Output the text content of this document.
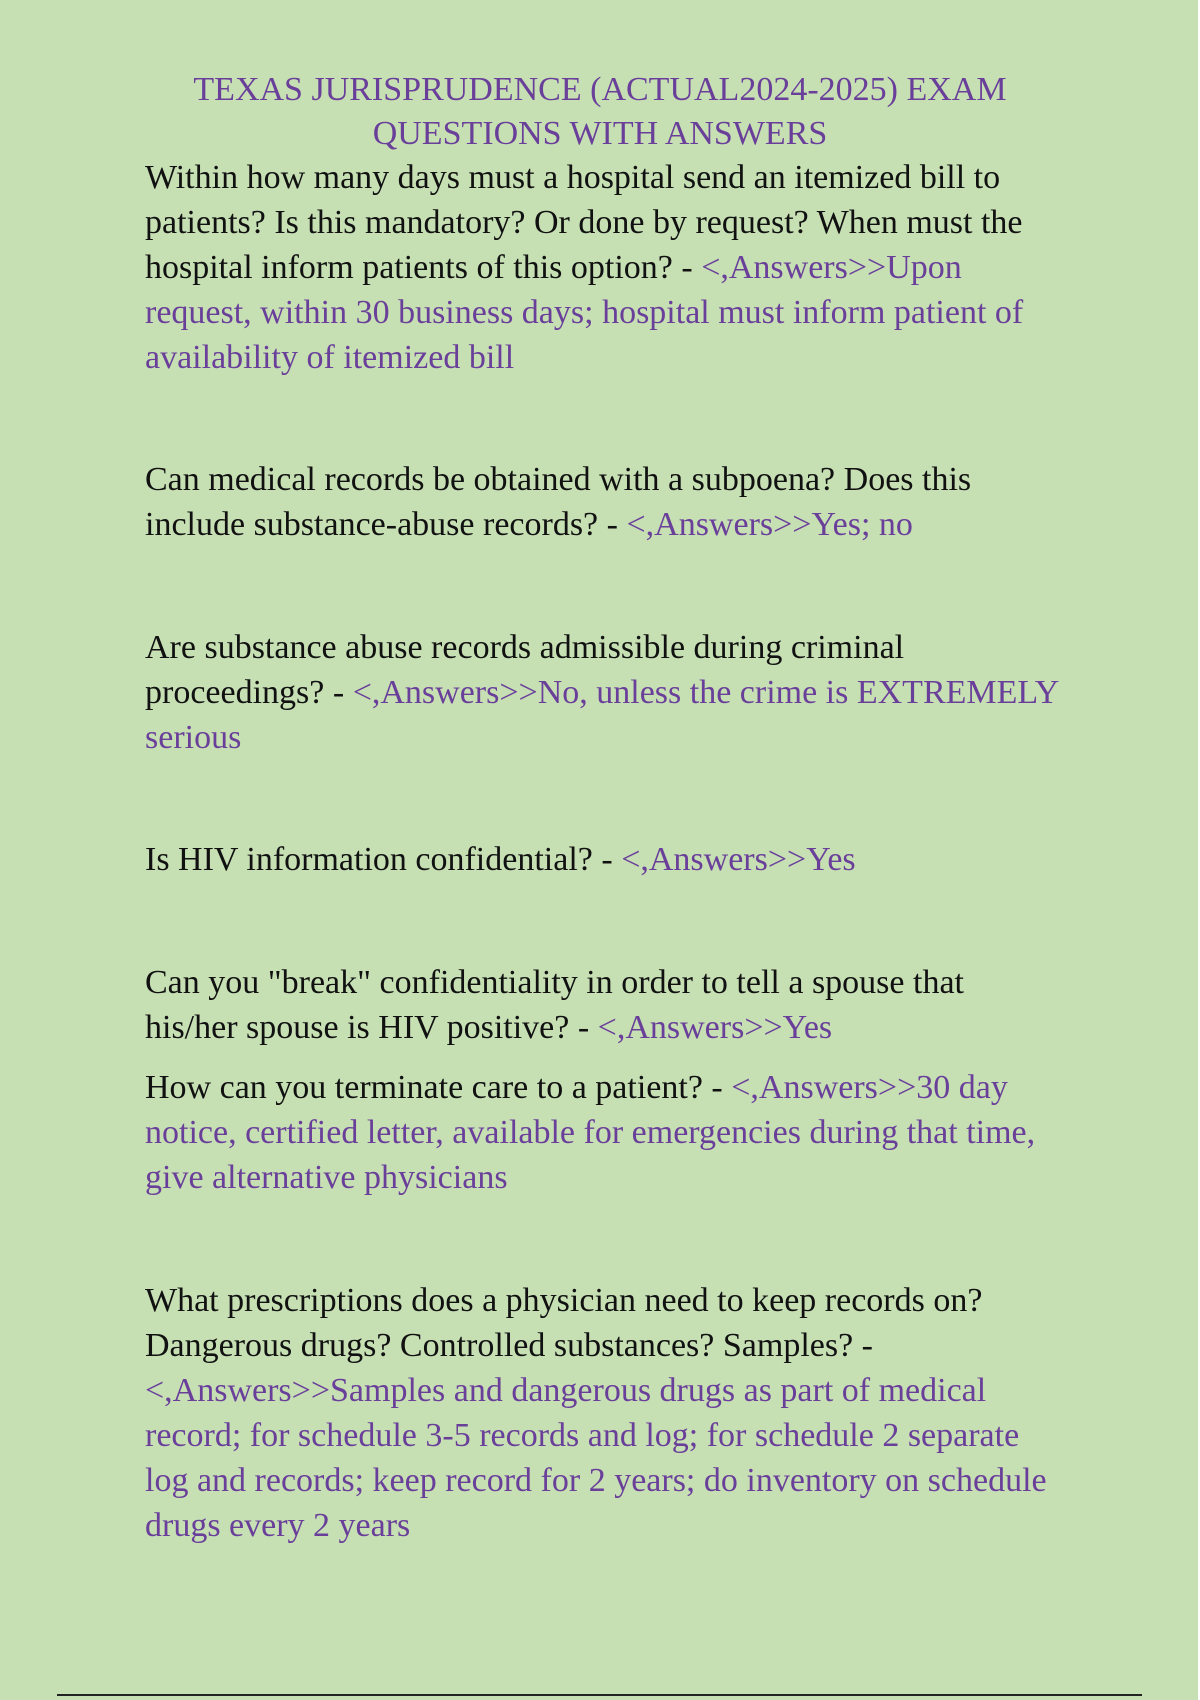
TEXAS JURISPRUDENCE (ACTUAL2024-2025) EXAM QUESTIONS WITH ANSWERS
Within how many days must a hospital send an itemized bill to patients? Is this mandatory? Or done by request? When must the hospital inform patients of this option? - <,Answers>>Upon request, within 30 business days; hospital must inform patient of availability of itemized bill
Can medical records be obtained with a subpoena? Does this include substance-abuse records? - <,Answers>>Yes; no
Are substance abuse records admissible during criminal proceedings? - <,Answers>>No, unless the crime is EXTREMELY serious
Is HIV information confidential? - <,Answers>>Yes
Can you "break" confidentiality in order to tell a spouse that his/her spouse is HIV positive? - <,Answers>>Yes
How can you terminate care to a patient? - <,Answers>>30 day notice, certified letter, available for emergencies during that time, give alternative physicians
What prescriptions does a physician need to keep records on? Dangerous drugs? Controlled substances? Samples? - <,Answers>>Samples and dangerous drugs as part of medical record; for schedule 3-5 records and log; for schedule 2 separate log and records; keep record for 2 years; do inventory on schedule drugs every 2 years
